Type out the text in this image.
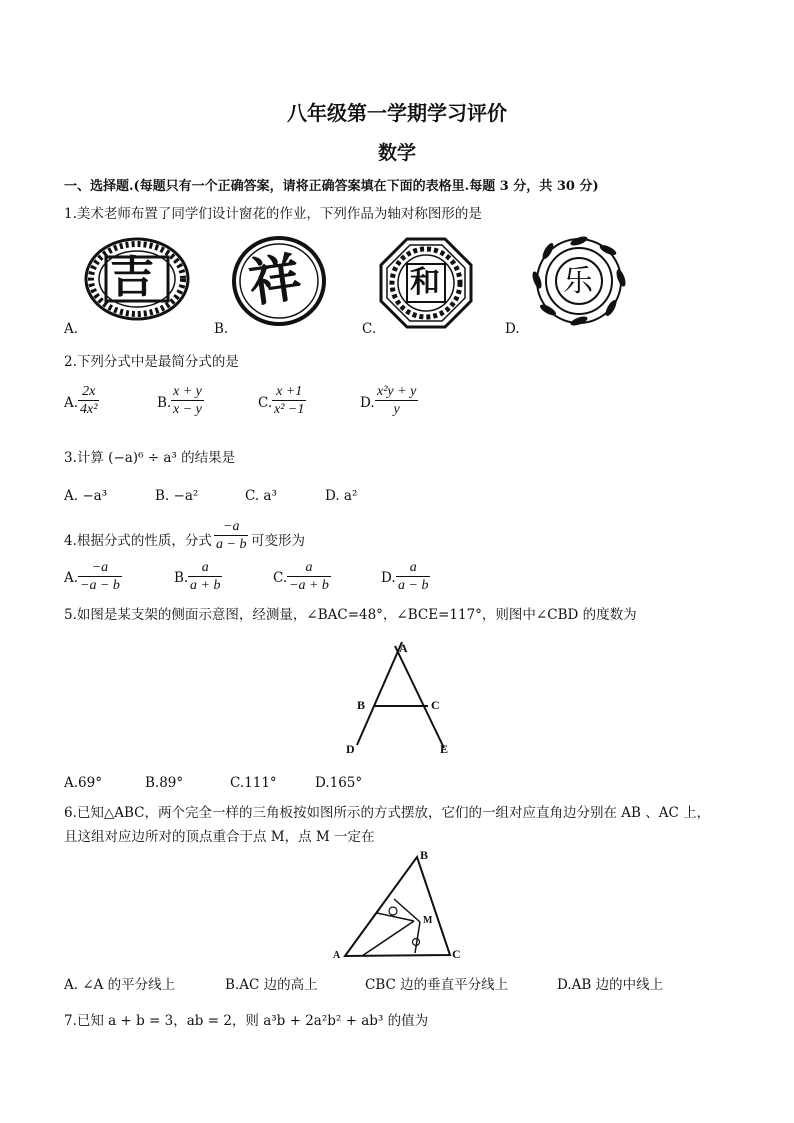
八年级第一学期学习评价
数学
一、选择题.(每题只有一个正确答案，请将正确答案填在下面的表格里.每题 3 分，共 30 分)
1.美术老师布置了同学们设计窗花的作业，下列作品为轴对称图形的是
吉 祥	和	乐
A.	B.	C.	D.
2.下列分式中是最简分式的是
A. $\frac{2x}{\text{4x²}}$	B. $\frac{x + y}{x - y}$	C. $\frac{x +1}{\text{x² −1}}$	D. $\frac{\text{x²y + y}}{y}$
3.计算 (−a)⁶ ÷ a³ 的结果是
A. −a³	B. −a²	C. a³	D. a²
4.根据分式的性质，分式 $\frac{-a}{a - b}$ 可变形为
A. $\frac{-a}{-a - b}$	B. $\frac{a}{a + b}$	C. $\frac{a}{-a + b}$	D. $\frac{a}{a - b}$
5.如图是某支架的侧面示意图，经测量，∠BAC=48°，∠BCE=117°，则图中∠CBD 的度数为
A
B	C
D	E
A.69°	B.89°	C.111°	D.165°
6.已知△ABC，两个完全一样的三角板按如图所示的方式摆放，它们的一组对应直角边分别在 AB 、AC 上，
且这组对应边所对的顶点重合于点 M，点 M 一定在
B
M
A	C
A. ∠A 的平分线上	B.AC 边的高上	CBC 边的垂直平分线上	D.AB 边的中线上
7.已知 a + b = 3，ab = 2，则 a³b + 2a²b² + ab³ 的值为
